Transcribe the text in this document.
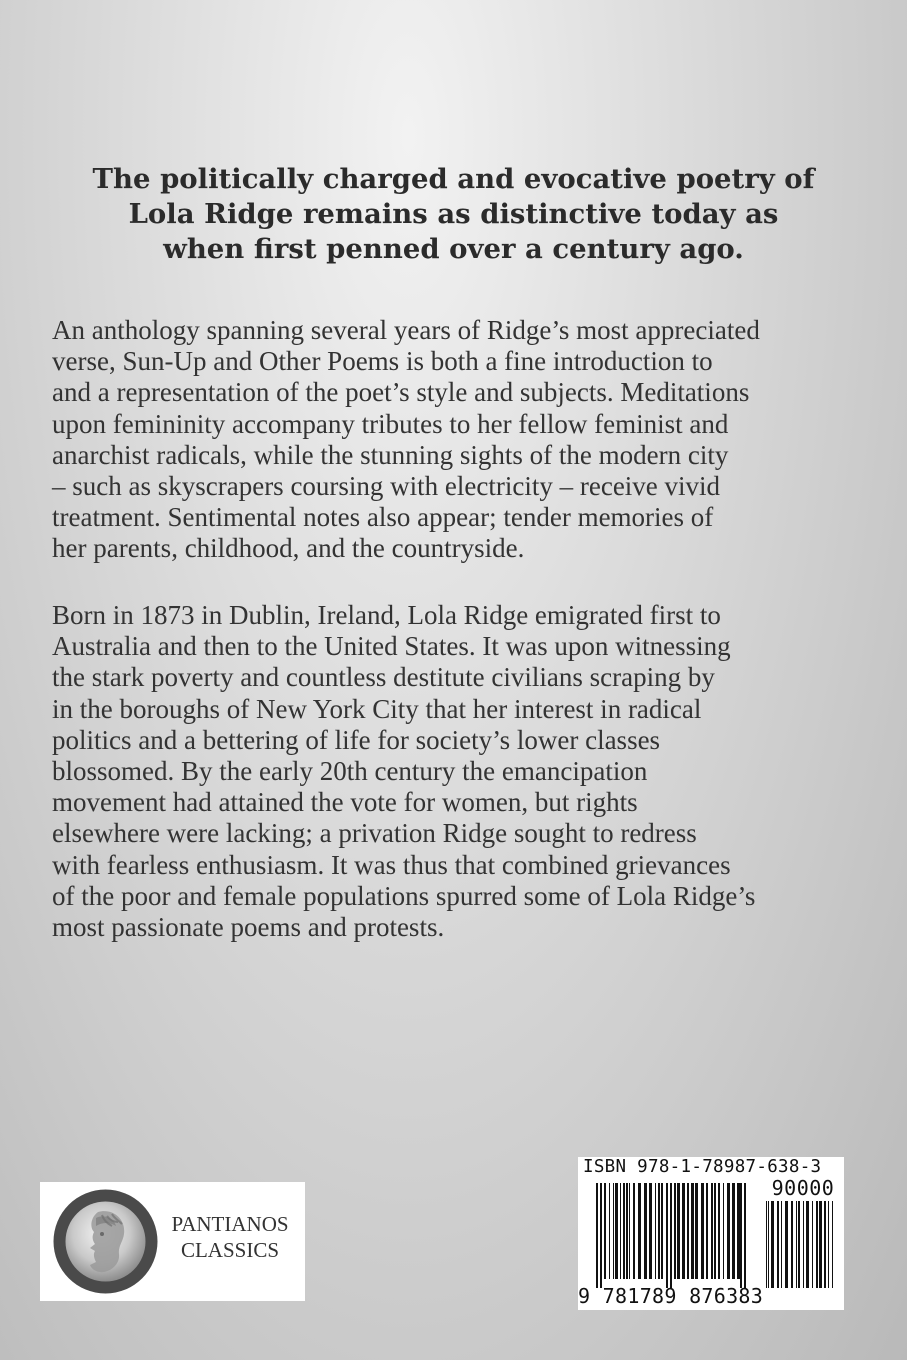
The politically charged and evocative poetry of
Lola Ridge remains as distinctive today as
when first penned over a century ago.

An anthology spanning several years of Ridge’s most appreciated
verse, Sun-Up and Other Poems is both a fine introduction to
and a representation of the poet’s style and subjects. Meditations
upon femininity accompany tributes to her fellow feminist and
anarchist radicals, while the stunning sights of the modern city
– such as skyscrapers coursing with electricity – receive vivid
treatment. Sentimental notes also appear; tender memories of
her parents, childhood, and the countryside.

Born in 1873 in Dublin, Ireland, Lola Ridge emigrated first to
Australia and then to the United States. It was upon witnessing
the stark poverty and countless destitute civilians scraping by
in the boroughs of New York City that her interest in radical
politics and a bettering of life for society’s lower classes
blossomed. By the early 20th century the emancipation
movement had attained the vote for women, but rights
elsewhere were lacking; a privation Ridge sought to redress
with fearless enthusiasm. It was thus that combined grievances
of the poor and female populations spurred some of Lola Ridge’s
most passionate poems and protests.

PANTIANOS
CLASSICS
ISBN 978-1-78987-638-3
90000
9 781789 876383
